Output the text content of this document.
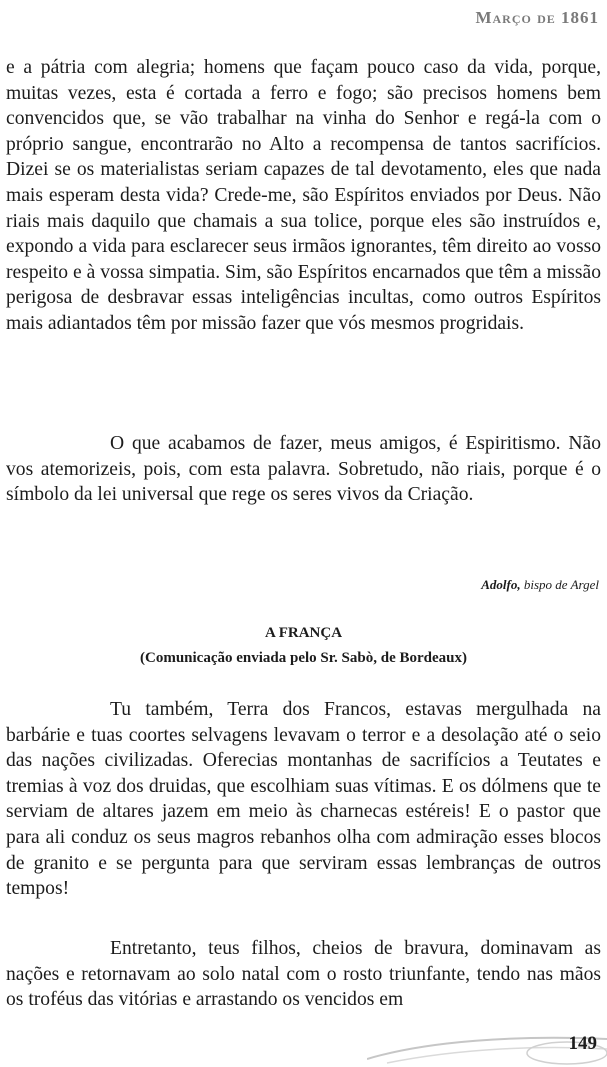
Março de 1861
e a pátria com alegria; homens que façam pouco caso da vida, porque, muitas vezes, esta é cortada a ferro e fogo; são precisos homens bem convencidos que, se vão trabalhar na vinha do Senhor e regá-la com o próprio sangue, encontrarão no Alto a recompensa de tantos sacrifícios. Dizei se os materialistas seriam capazes de tal devotamento, eles que nada mais esperam desta vida? Crede-me, são Espíritos enviados por Deus. Não riais mais daquilo que chamais a sua tolice, porque eles são instruídos e, expondo a vida para esclarecer seus irmãos ignorantes, têm direito ao vosso respeito e à vossa simpatia. Sim, são Espíritos encarnados que têm a missão perigosa de desbravar essas inteligências incultas, como outros Espíritos mais adiantados têm por missão fazer que vós mesmos progridais.
O que acabamos de fazer, meus amigos, é Espiritismo. Não vos atemorizeis, pois, com esta palavra. Sobretudo, não riais, porque é o símbolo da lei universal que rege os seres vivos da Criação.
Adolfo, bispo de Argel
A FRANÇA
(Comunicação enviada pelo Sr. Sabò, de Bordeaux)
Tu também, Terra dos Francos, estavas mergulhada na barbárie e tuas coortes selvagens levavam o terror e a desolação até o seio das nações civilizadas. Oferecias montanhas de sacrifícios a Teutates e tremias à voz dos druidas, que escolhiam suas vítimas. E os dólmens que te serviam de altares jazem em meio às charnecas estéreis! E o pastor que para ali conduz os seus magros rebanhos olha com admiração esses blocos de granito e se pergunta para que serviram essas lembranças de outros tempos!
Entretanto, teus filhos, cheios de bravura, dominavam as nações e retornavam ao solo natal com o rosto triunfante, tendo nas mãos os troféus das vitórias e arrastando os vencidos em
149
